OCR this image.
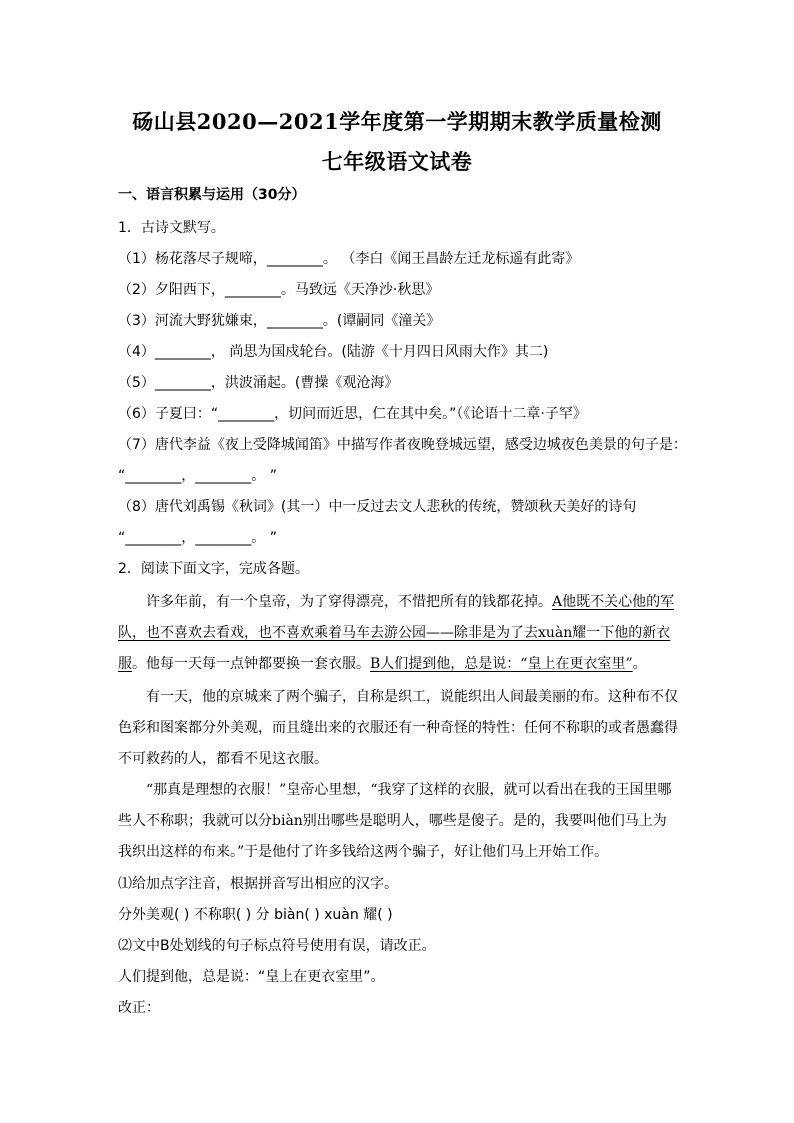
砀山县2020—2021学年度第一学期期末教学质量检测
七年级语文试卷
一、语言积累与运用（30分）
1．古诗文默写。
（1）杨花落尽子规啼，________。 （李白《闻王昌龄左迁龙标遥有此寄》
（2）夕阳西下，________。马致远《天净沙·秋思》
（3）河流大野犹嫌束，________。(谭嗣同《潼关》
（4）________， 尚思为国戍轮台。(陆游《十月四日风雨大作》其二)
（5）________，洪波涌起。(曹操《观沧海》
（6）子夏曰：“________，切问而近思，仁在其中矣。”（《论语十二章·子罕》
（7）唐代李益《夜上受降城闻笛》中描写作者夜晚登城远望，感受边城夜色美景的句子是：
“________，________。 ”
（8）唐代刘禹锡《秋词》(其一）中一反过去文人悲秋的传统，赞颂秋天美好的诗句
“________，________。 ”
2．阅读下面文字，完成各题。
许多年前，有一个皇帝，为了穿得漂亮，不惜把所有的钱都花掉。A他既不关心他的军
队，也不喜欢去看戏，也不喜欢乘着马车去游公园——除非是为了去xuàn耀一下他的新衣
服。他每一天每一点钟都要换一套衣服。B人们提到他，总是说：“皇上在更衣室里”。
有一天，他的京城来了两个骗子，自称是织工，说能织出人间最美丽的布。这种布不仅
色彩和图案都分外美观，而且缝出来的衣服还有一种奇怪的特性：任何不称职的或者愚蠢得
不可救药的人，都看不见这衣服。
“那真是理想的衣服！”皇帝心里想，“我穿了这样的衣服，就可以看出在我的王国里哪
些人不称职；我就可以分biàn别出哪些是聪明人，哪些是傻子。是的，我要叫他们马上为
我织出这样的布来。”于是他付了许多钱给这两个骗子，好让他们马上开始工作。
⑴给加点字注音，根据拼音写出相应的汉字。
分外美观( ) 不称职( ) 分 biàn( ) xuàn 耀( )
⑵文中B处划线的句子标点符号使用有误，请改正。
人们提到他，总是说：“皇上在更衣室里”。
改正：
